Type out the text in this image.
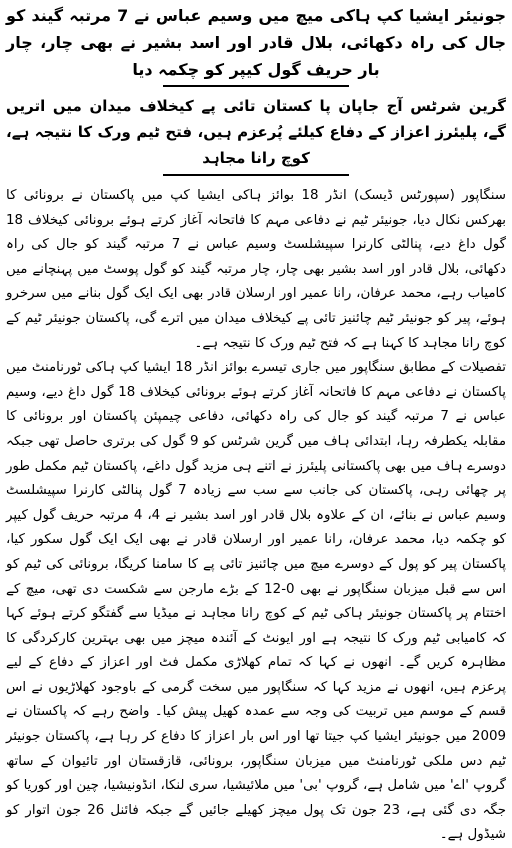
جونیئر ایشیا کپ ہاکی میچ میں وسیم عباس نے 7 مرتبہ گیند کو جال کی راہ دکھائی، بلال قادر اور اسد بشیر نے بھی چار، چار بار حریف گول کیپر کو چکمہ دیا
گرین شرٹس آج جاپان پا کستان تائی پے کیخلاف میدان میں اتریں گے، پلیئرز اعزاز کے دفاع کیلئے پُرعزم ہیں، فتح ٹیم ورک کا نتیجہ ہے، کوچ رانا مجاہد

سنگاپور (سپورٹس ڈیسک) انڈر 18 بوائز ہاکی ایشیا کپ میں پاکستان نے برونائی کا بھرکس نکال دیا، جونیئر ٹیم نے دفاعی مہم کا فاتحانہ آغاز کرتے ہوئے برونائی کیخلاف 18 گول داغ دیے، پنالٹی کارنرا سپیشلسٹ وسیم عباس نے 7 مرتبہ گیند کو جال کی راہ دکھائی، بلال قادر اور اسد بشیر بھی چار، چار مرتبہ گیند کو گول پوسٹ میں پہنچانے میں کامیاب رہے، محمد عرفان، رانا عمیر اور ارسلان قادر بھی ایک ایک گول بنانے میں سرخرو ہوئے، پیر کو جونیئر ٹیم چائنیز تائی پے کیخلاف میدان میں اترے گی، پاکستان جونیئر ٹیم کے کوچ رانا مجاہد کا کہنا ہے کہ فتح ٹیم ورک کا نتیجہ ہے۔

تفصیلات کے مطابق سنگاپور میں جاری تیسرے بوائز انڈر 18 ایشیا کپ ہاکی ٹورنامنٹ میں پاکستان نے دفاعی مہم کا فاتحانہ آغاز کرتے ہوئے برونائی کیخلاف 18 گول داغ دیے، وسیم عباس نے 7 مرتبہ گیند کو جال کی راہ دکھائی، دفاعی چیمپئن پاکستان اور برونائی کا مقابلہ یکطرفہ رہا، ابتدائی ہاف میں گرین شرٹس کو 9 گول کی برتری حاصل تھی جبکہ دوسرے ہاف میں بھی پاکستانی پلیئرز نے اتنے ہی مزید گول داغے، پاکستان ٹیم مکمل طور پر چھائی رہی، پاکستان کی جانب سے سب سے زیادہ 7 گول پنالٹی کارنرا سپیشلسٹ وسیم عباس نے بنائے، ان کے علاوہ بلال قادر اور اسد بشیر نے 4، 4 مرتبہ حریف گول کیپر کو چکمہ دیا، محمد عرفان، رانا عمیر اور ارسلان قادر نے بھی ایک ایک گول سکور کیا، پاکستان پیر کو پول کے دوسرے میچ میں چائنیز تائی پے کا سامنا کریگا، برونائی کی ٹیم کو اس سے قبل میزبان سنگاپور نے بھی 0-12 کے بڑے مارجن سے شکست دی تھی، میچ کے اختتام پر پاکستان جونیئر ہاکی ٹیم کے کوچ رانا مجاہد نے میڈیا سے گفتگو کرتے ہوئے کہا کہ کامیابی ٹیم ورک کا نتیجہ ہے اور ایونٹ کے آئندہ میچز میں بھی بہترین کارکردگی کا مظاہرہ کریں گے۔ انھوں نے کہا کہ تمام کھلاڑی مکمل فٹ اور اعزاز کے دفاع کے لیے پرعزم ہیں، انھوں نے مزید کہا کہ سنگاپور میں سخت گرمی کے باوجود کھلاڑیوں نے اس قسم کے موسم میں تربیت کی وجہ سے عمدہ کھیل پیش کیا۔ واضح رہے کہ پاکستان نے 2009 میں جونیئر ایشیا کپ جیتا تھا اور اس بار اعزاز کا دفاع کر رہا ہے، پاکستان جونیئر ٹیم دس ملکی ٹورنامنٹ میں میزبان سنگاپور، برونائی، قازقستان اور تائیوان کے ساتھ گروپ 'اے' میں شامل ہے، گروپ 'بی' میں ملائیشیا، سری لنکا، انڈونیشیا، چین اور کوریا کو جگہ دی گئی ہے، 23 جون تک پول میچز کھیلے جائیں گے جبکہ فائنل 26 جون اتوار کو شیڈول ہے۔
